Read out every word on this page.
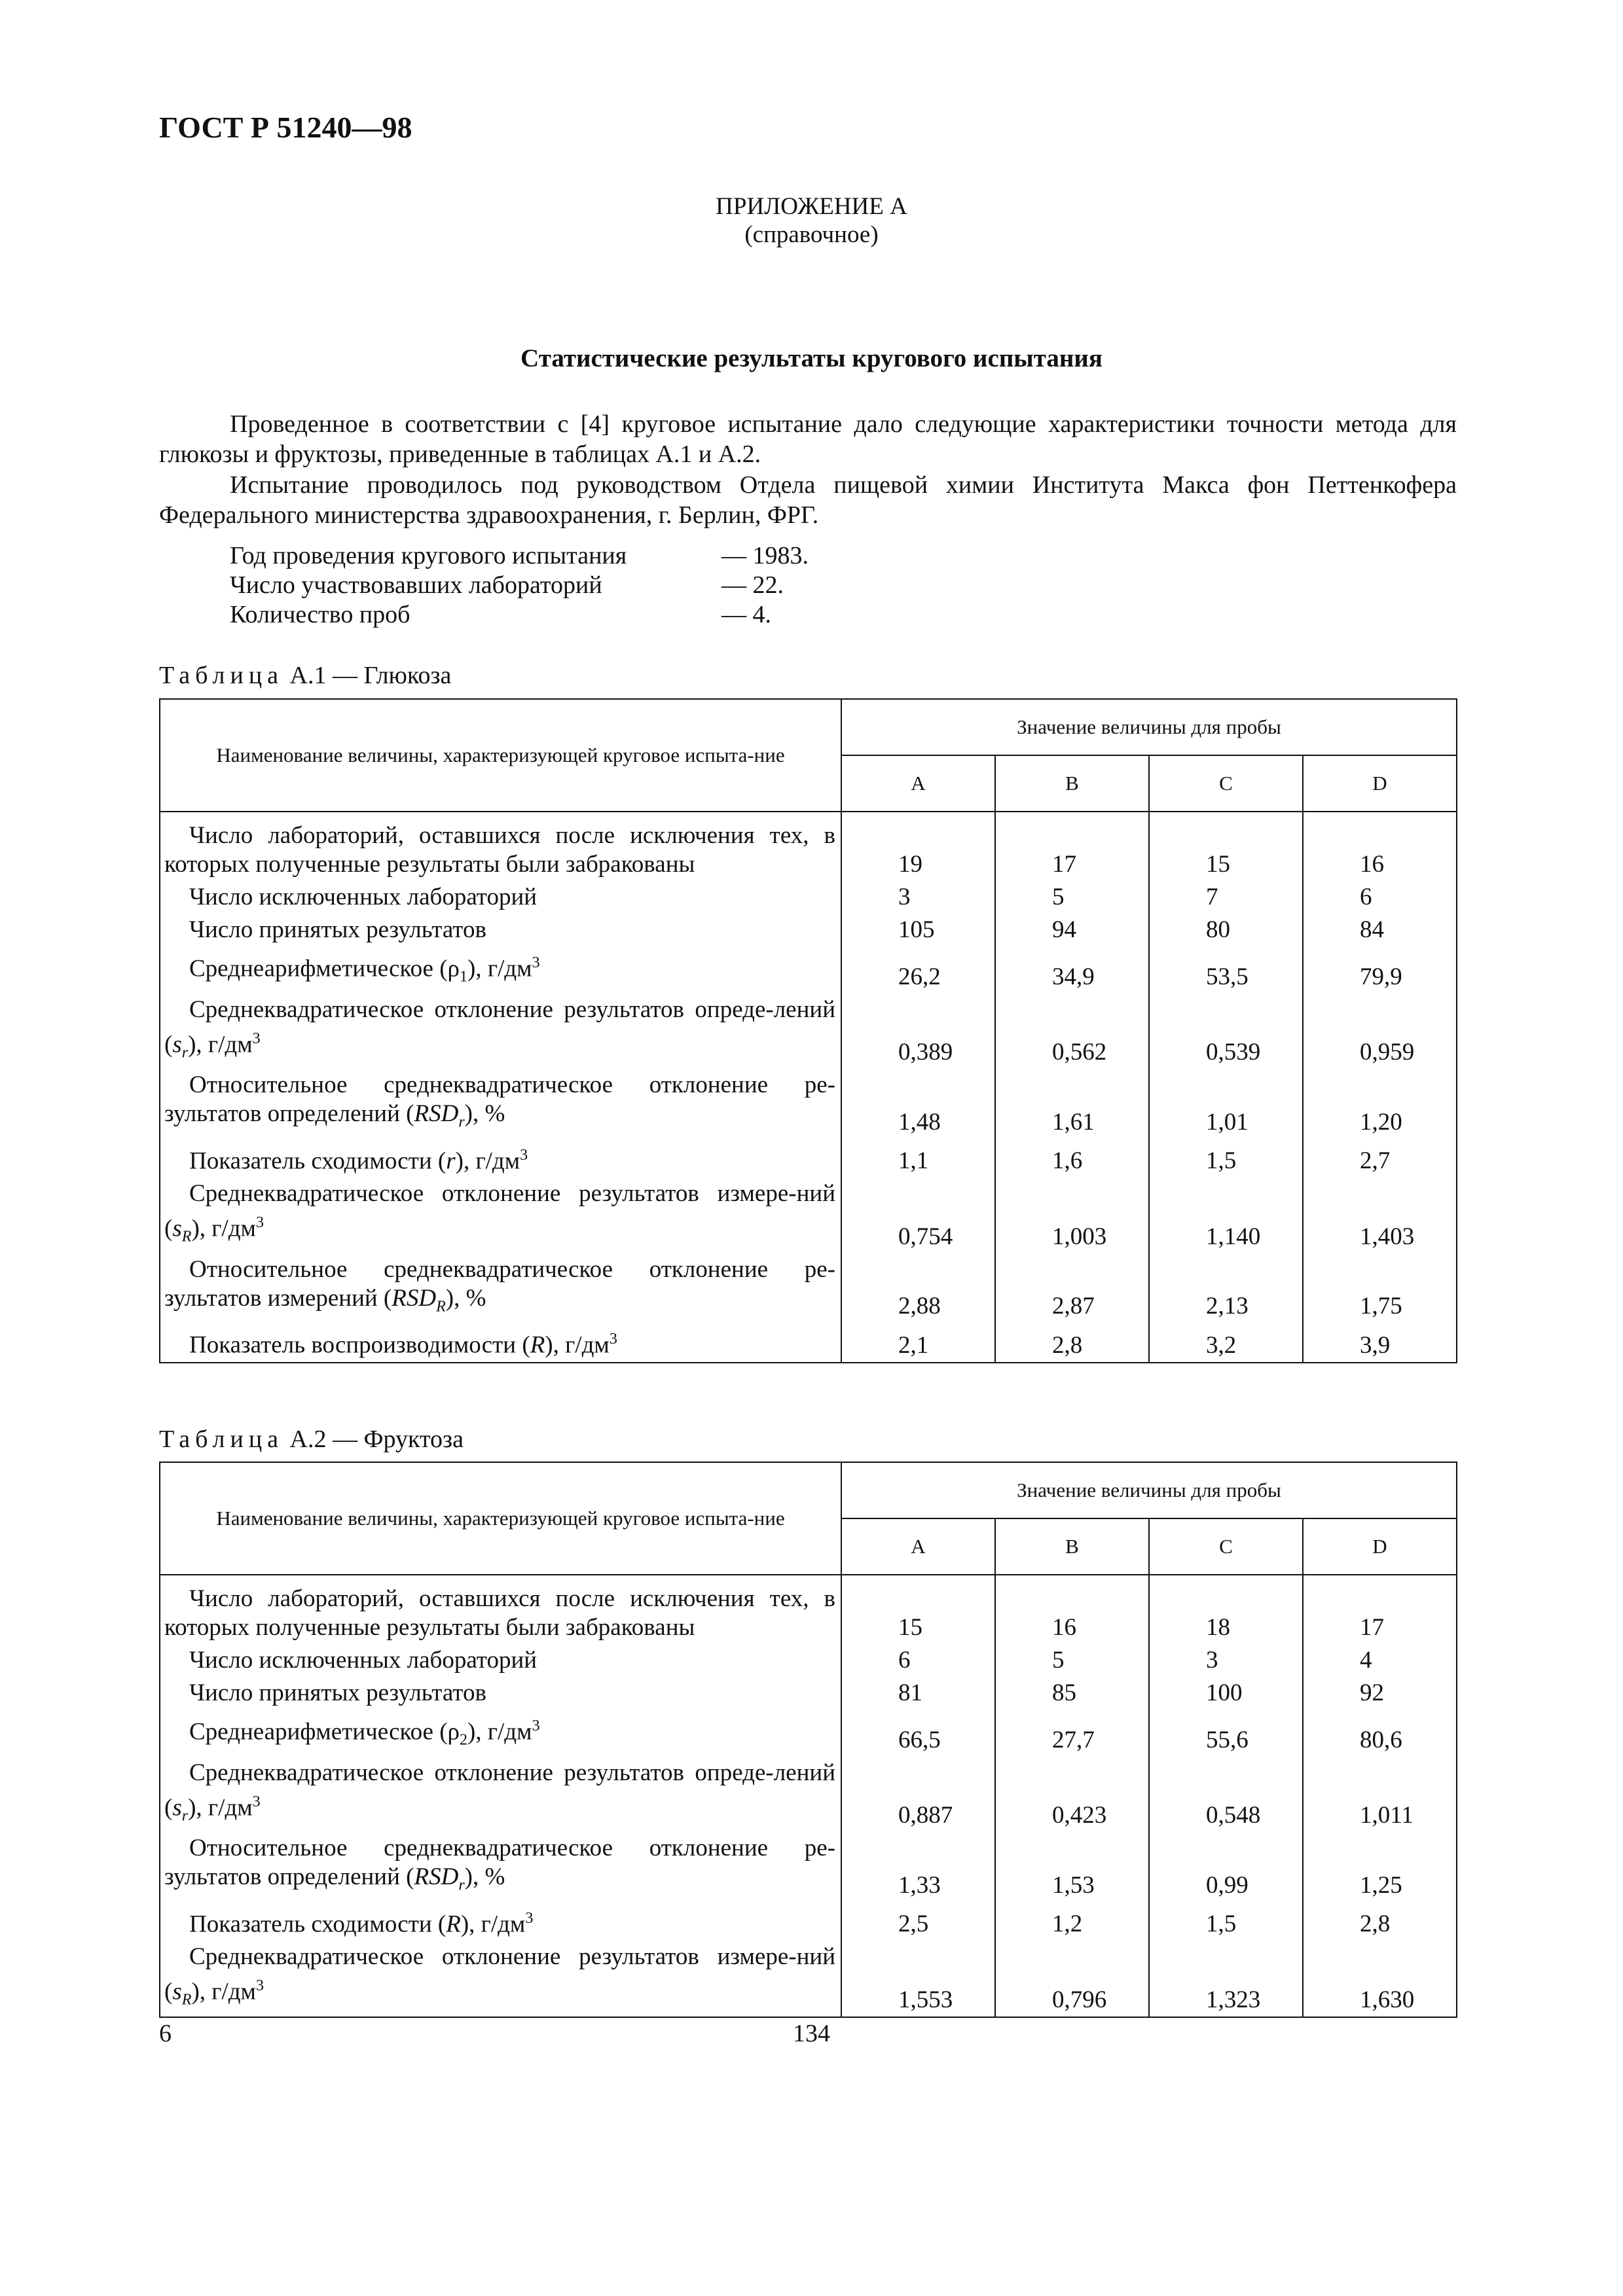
ГОСТ Р 51240—98
ПРИЛОЖЕНИЕ А
(справочное)
Статистические результаты кругового испытания
Проведенное в соответствии с [4] круговое испытание дало следующие характеристики точности метода для глюкозы и фруктозы, приведенные в таблицах А.1 и А.2.
Испытание проводилось под руководством Отдела пищевой химии Института Макса фон Петтенкофера Федерального министерства здравоохранения, г. Берлин, ФРГ.
Год проведения кругового испытания	— 1983.
Число участвовавших лабораторий	— 22.
Количество проб	— 4.
Таблица А.1 — Глюкоза
Наименование величины, характеризующей круговое испыта-ние	Значение величины для пробы			
	A	B	C	D
Число лабораторий, оставшихся после исключения тех, в которых полученные результаты были забракованы	19	17	15	16
Число исключенных лабораторий	3	5	7	6
Число принятых результатов	105	94	80	84
Среднеарифметическое $(\rho_1)$, $г/дм^3$	26,2	34,9	53,5	79,9
Среднеквадратическое отклонение результатов опреде-лений $(s_r)$, $г/дм^3$	0,389	0,562	0,539	0,959
Относительное среднеквадратическое отклонение ре-зультатов определений $(RSD_r)$, %	1,48	1,61	1,01	1,20
Показатель сходимости (r), $г/дм^3$	1,1	1,6	1,5	2,7
Среднеквадратическое отклонение результатов измере-ний $(s_R)$, $г/дм^3$	0,754	1,003	1,140	1,403
Относительное среднеквадратическое отклонение ре-зультатов измерений $(RSD_R)$, %	2,88	2,87	2,13	1,75
Показатель воспроизводимости (R), $г/дм^3$	2,1	2,8	3,2	3,9
Таблица А.2 — Фруктоза
Наименование величины, характеризующей круговое испыта-ние	Значение величины для пробы			
	A	B	C	D
Число лабораторий, оставшихся после исключения тех, в которых полученные результаты были забракованы	15	16	18	17
Число исключенных лабораторий	6	5	3	4
Число принятых результатов	81	85	100	92
Среднеарифметическое $(\rho_2)$, $г/дм^3$	66,5	27,7	55,6	80,6
Среднеквадратическое отклонение результатов опреде-лений $(s_r)$, $г/дм^3$	0,887	0,423	0,548	1,011
Относительное среднеквадратическое отклонение ре-зультатов определений $(RSD_r)$, %	1,33	1,53	0,99	1,25
Показатель сходимости (R), $г/дм^3$	2,5	1,2	1,5	2,8
Среднеквадратическое отклонение результатов измере-ний $(s_R)$, $г/дм^3$	1,553	0,796	1,323	1,630
6	134
